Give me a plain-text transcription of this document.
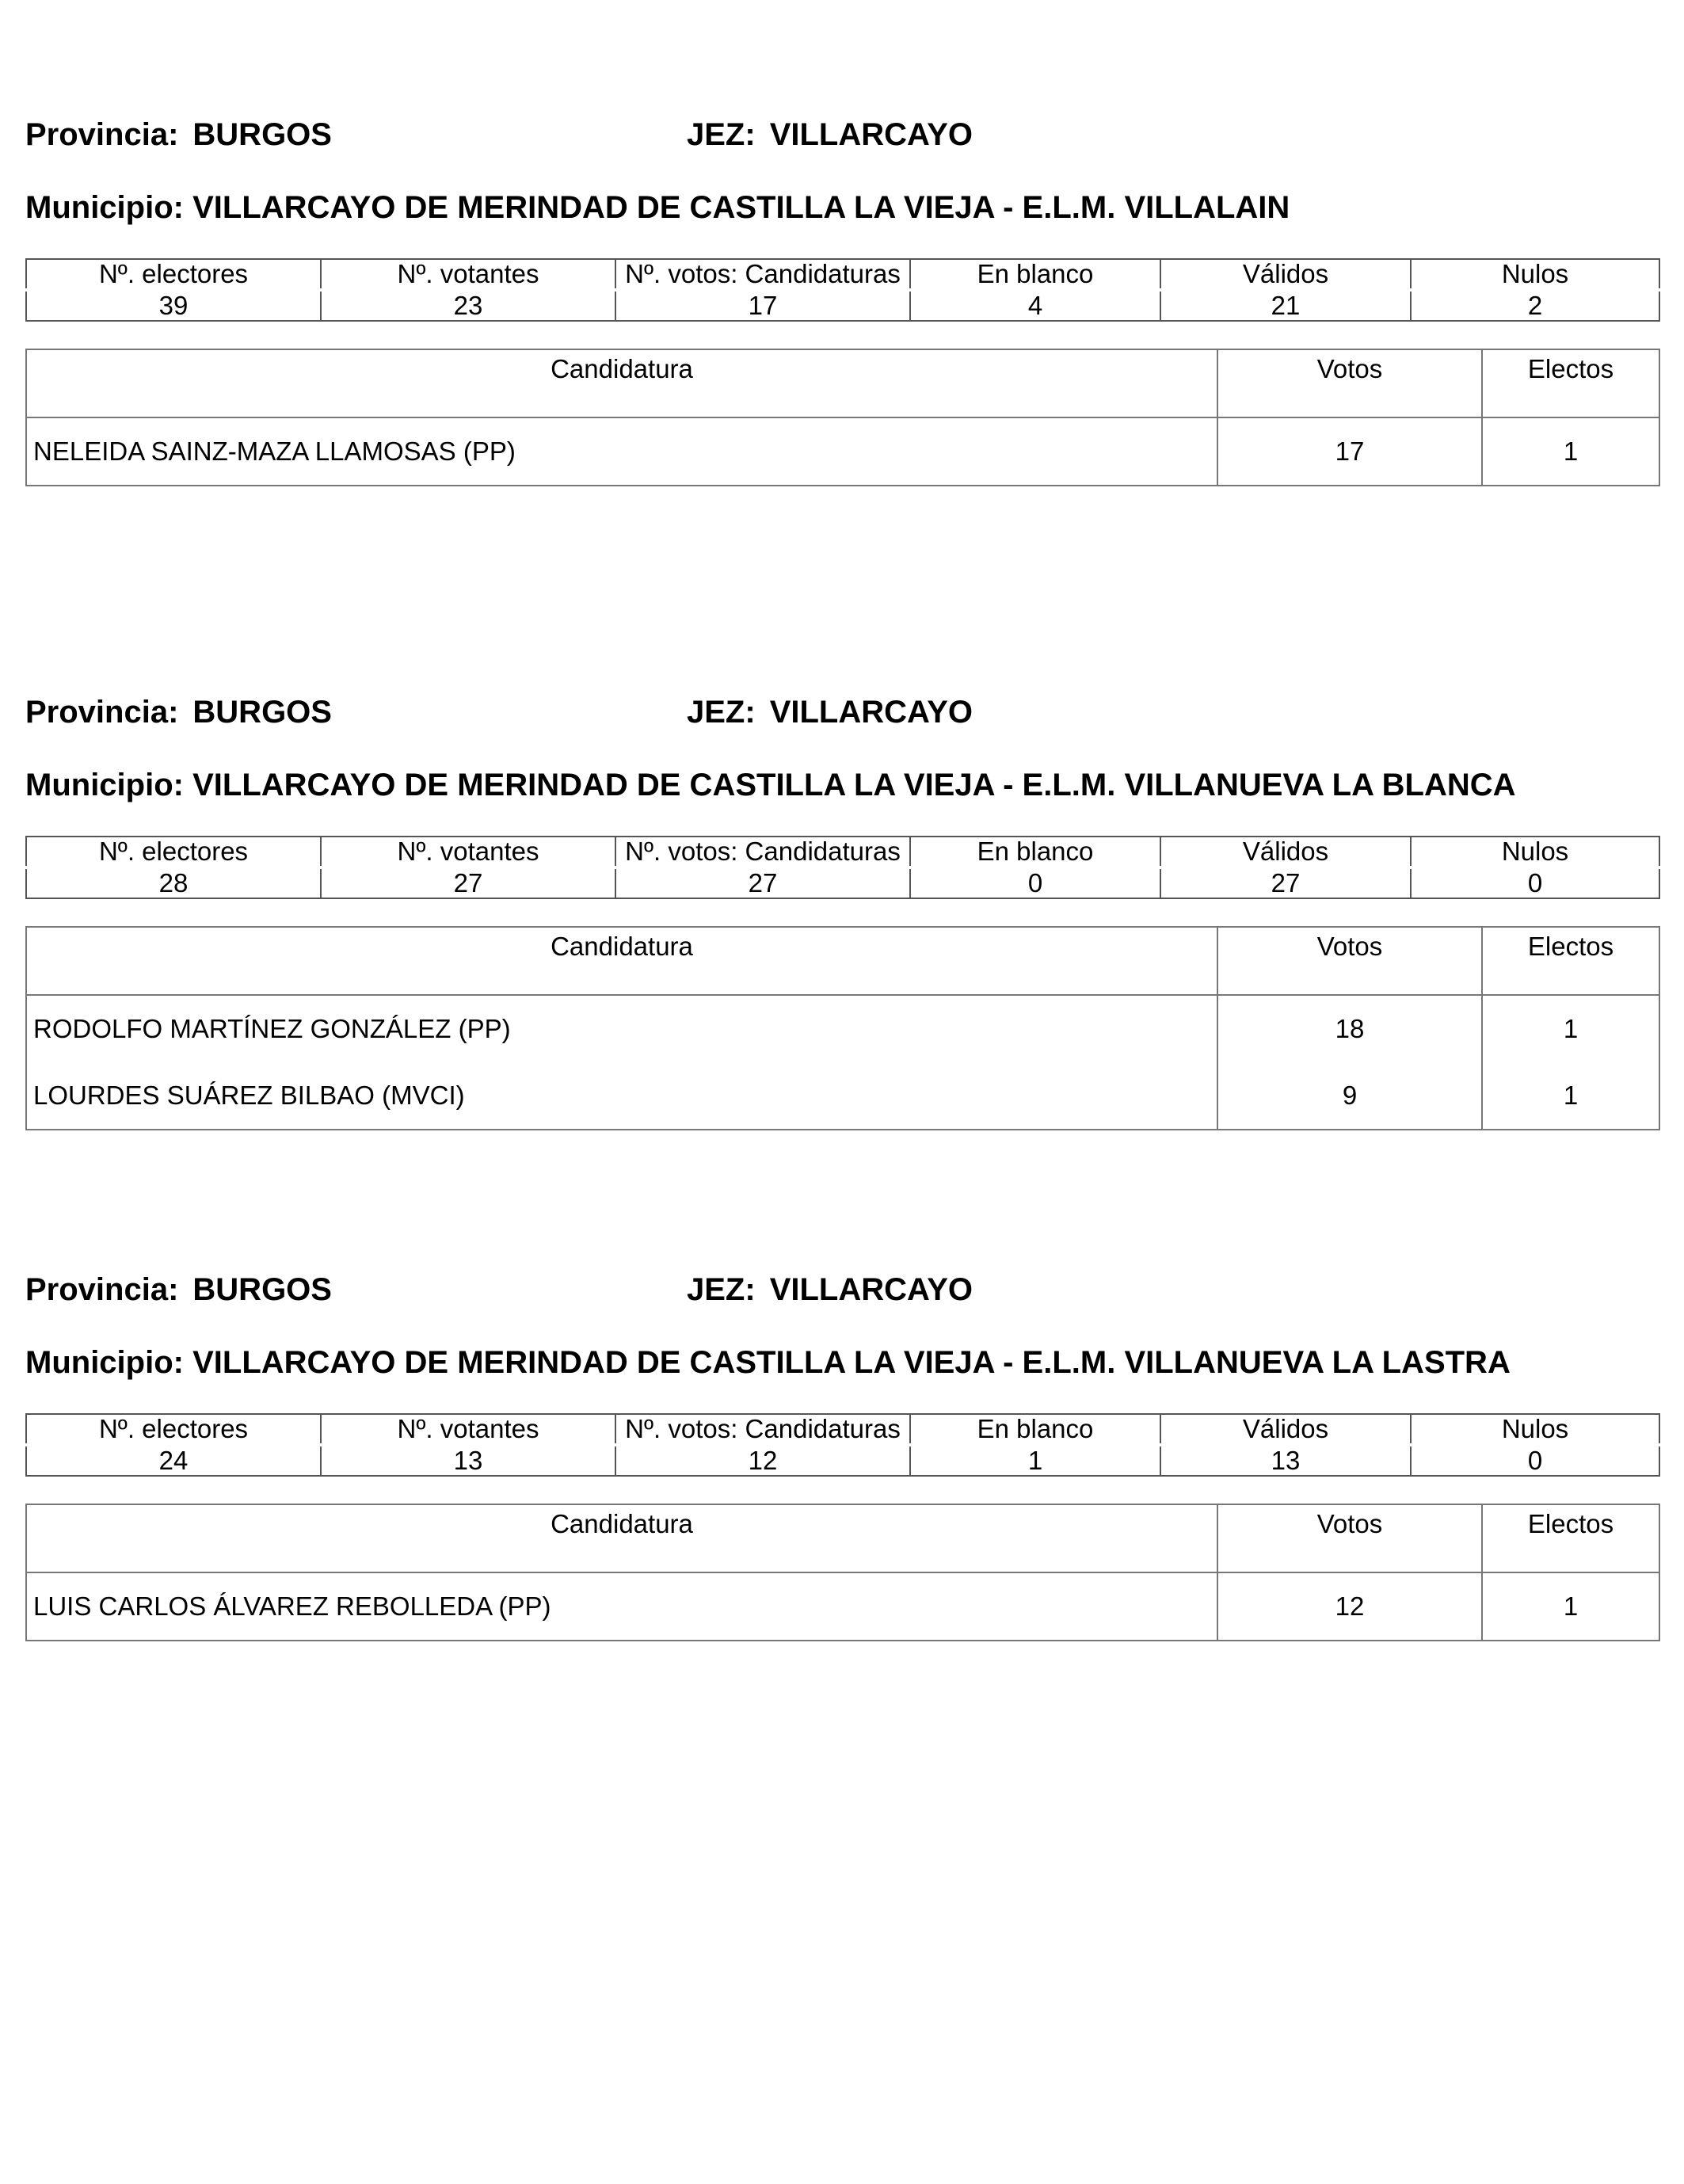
Provincia: BURGOS	JEZ: VILLARCAYO
Municipio: VILLARCAYO DE MERINDAD DE CASTILLA LA VIEJA - E.L.M. VILLALAIN
Nº. electores	Nº. votantes	Nº. votos: Candidaturas	En blanco	Válidos	Nulos
39	23	17	4	21	2
Candidatura	Votos	Electos
NELEIDA SAINZ-MAZA LLAMOSAS (PP)	17	1
Provincia: BURGOS	JEZ: VILLARCAYO
Municipio: VILLARCAYO DE MERINDAD DE CASTILLA LA VIEJA - E.L.M. VILLANUEVA LA BLANCA
Nº. electores	Nº. votantes	Nº. votos: Candidaturas	En blanco	Válidos	Nulos
28	27	27	0	27	0
Candidatura	Votos	Electos
RODOLFO MARTÍNEZ GONZÁLEZ (PP)	18	1
LOURDES SUÁREZ BILBAO (MVCI)	9	1
Provincia: BURGOS	JEZ: VILLARCAYO
Municipio: VILLARCAYO DE MERINDAD DE CASTILLA LA VIEJA - E.L.M. VILLANUEVA LA LASTRA
Nº. electores	Nº. votantes	Nº. votos: Candidaturas	En blanco	Válidos	Nulos
24	13	12	1	13	0
Candidatura	Votos	Electos
LUIS CARLOS ÁLVAREZ REBOLLEDA (PP)	12	1
